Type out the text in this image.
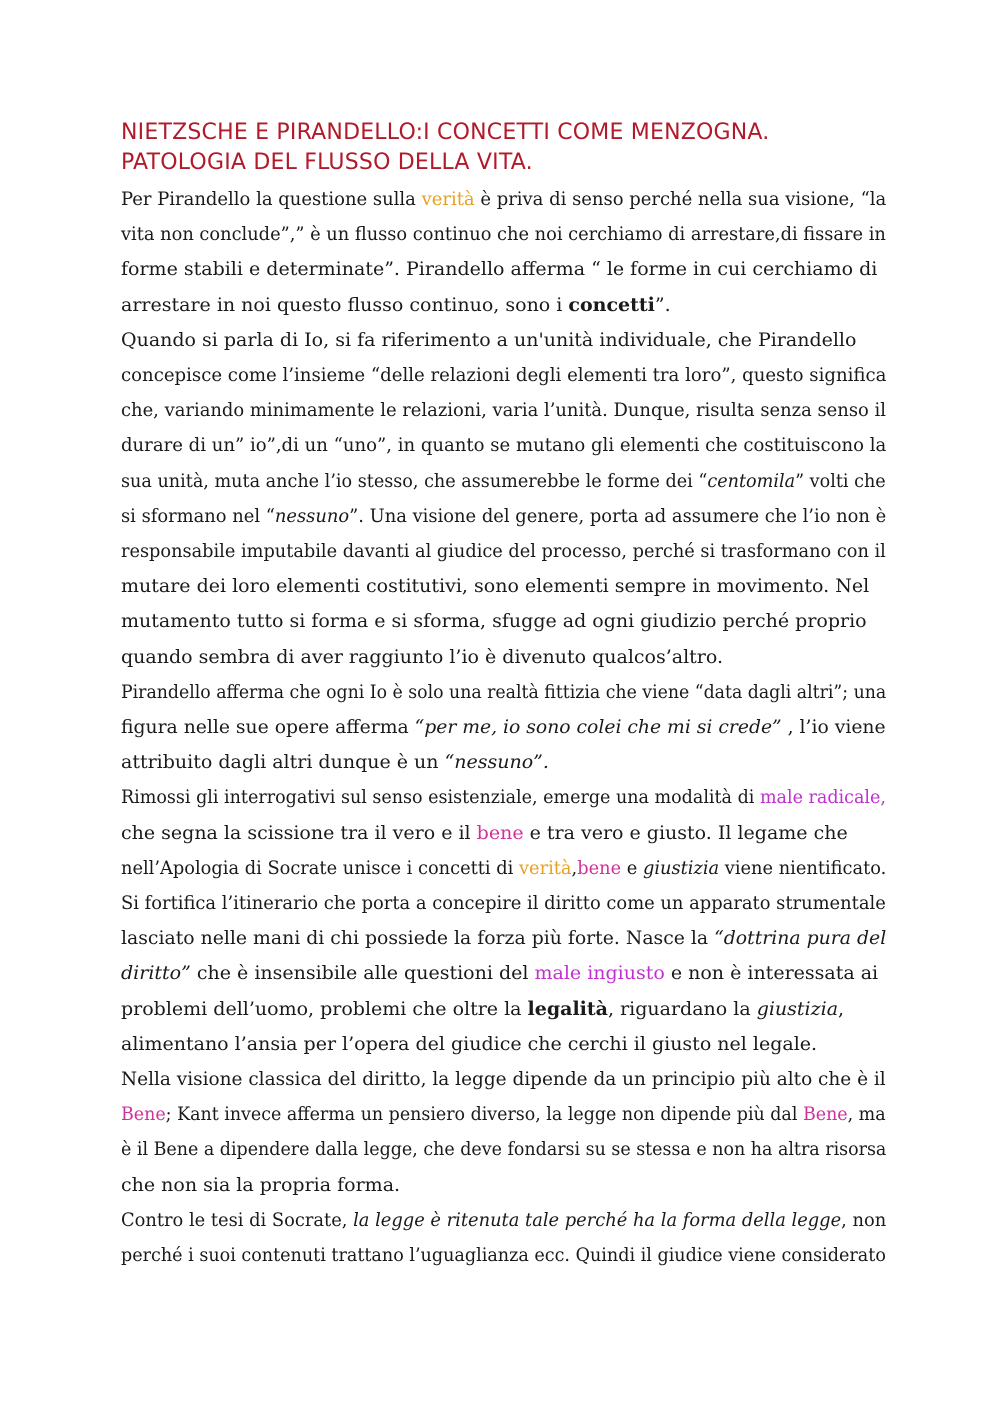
NIETZSCHE E PIRANDELLO:I CONCETTI COME MENZOGNA.
PATOLOGIA DEL FLUSSO DELLA VITA.
Per Pirandello la questione sulla verità è priva di senso perché nella sua visione, “la
vita non conclude”,” è un flusso continuo che noi cerchiamo di arrestare,di fissare in
forme stabili e determinate”. Pirandello afferma “ le forme in cui cerchiamo di
arrestare in noi questo flusso continuo, sono i concetti”.
Quando si parla di Io, si fa riferimento a un'unità individuale, che Pirandello
concepisce come l’insieme “delle relazioni degli elementi tra loro”, questo significa
che, variando minimamente le relazioni, varia l’unità. Dunque, risulta senza senso il
durare di un” io”,di un “uno”, in quanto se mutano gli elementi che costituiscono la
sua unità, muta anche l’io stesso, che assumerebbe le forme dei “centomila” volti che
si sformano nel “nessuno”. Una visione del genere, porta ad assumere che l’io non è
responsabile imputabile davanti al giudice del processo, perché si trasformano con il
mutare dei loro elementi costitutivi, sono elementi sempre in movimento. Nel
mutamento tutto si forma e si sforma, sfugge ad ogni giudizio perché proprio
quando sembra di aver raggiunto l’io è divenuto qualcos’altro.
Pirandello afferma che ogni Io è solo una realtà fittizia che viene “data dagli altri”; una
figura nelle sue opere afferma “per me, io sono colei che mi si crede” , l’io viene
attribuito dagli altri dunque è un “nessuno”.
Rimossi gli interrogativi sul senso esistenziale, emerge una modalità di male radicale,
che segna la scissione tra il vero e il bene e tra vero e giusto. Il legame che
nell’Apologia di Socrate unisce i concetti di verità,bene e giustizia viene nientificato.
Si fortifica l’itinerario che porta a concepire il diritto come un apparato strumentale
lasciato nelle mani di chi possiede la forza più forte. Nasce la “dottrina pura del
diritto” che è insensibile alle questioni del male ingiusto e non è interessata ai
problemi dell’uomo, problemi che oltre la legalità, riguardano la giustizia,
alimentano l’ansia per l’opera del giudice che cerchi il giusto nel legale.
Nella visione classica del diritto, la legge dipende da un principio più alto che è il
Bene; Kant invece afferma un pensiero diverso, la legge non dipende più dal Bene, ma
è il Bene a dipendere dalla legge, che deve fondarsi su se stessa e non ha altra risorsa
che non sia la propria forma.
Contro le tesi di Socrate, la legge è ritenuta tale perché ha la forma della legge, non
perché i suoi contenuti trattano l’uguaglianza ecc. Quindi il giudice viene considerato
